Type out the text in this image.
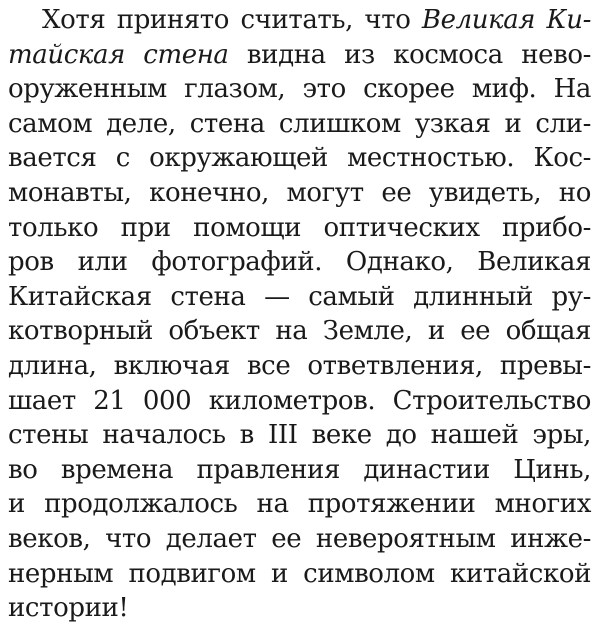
Хотя принято считать, что Великая Ки-
тайская стена видна из космоса нево-
оруженным глазом, это скорее миф. На
самом деле, стена слишком узкая и сли-
вается с окружающей местностью. Кос-
монавты, конечно, могут ее увидеть, но
только при помощи оптических прибо-
ров или фотографий. Однако, Великая
Китайская стена — самый длинный ру-
котворный объект на Земле, и ее общая
длина, включая все ответвления, превы-
шает 21 000 километров. Строительство
стены началось в III веке до нашей эры,
во времена правления династии Цинь,
и продолжалось на протяжении многих
веков, что делает ее невероятным инже-
нерным подвигом и символом китайской
истории!
